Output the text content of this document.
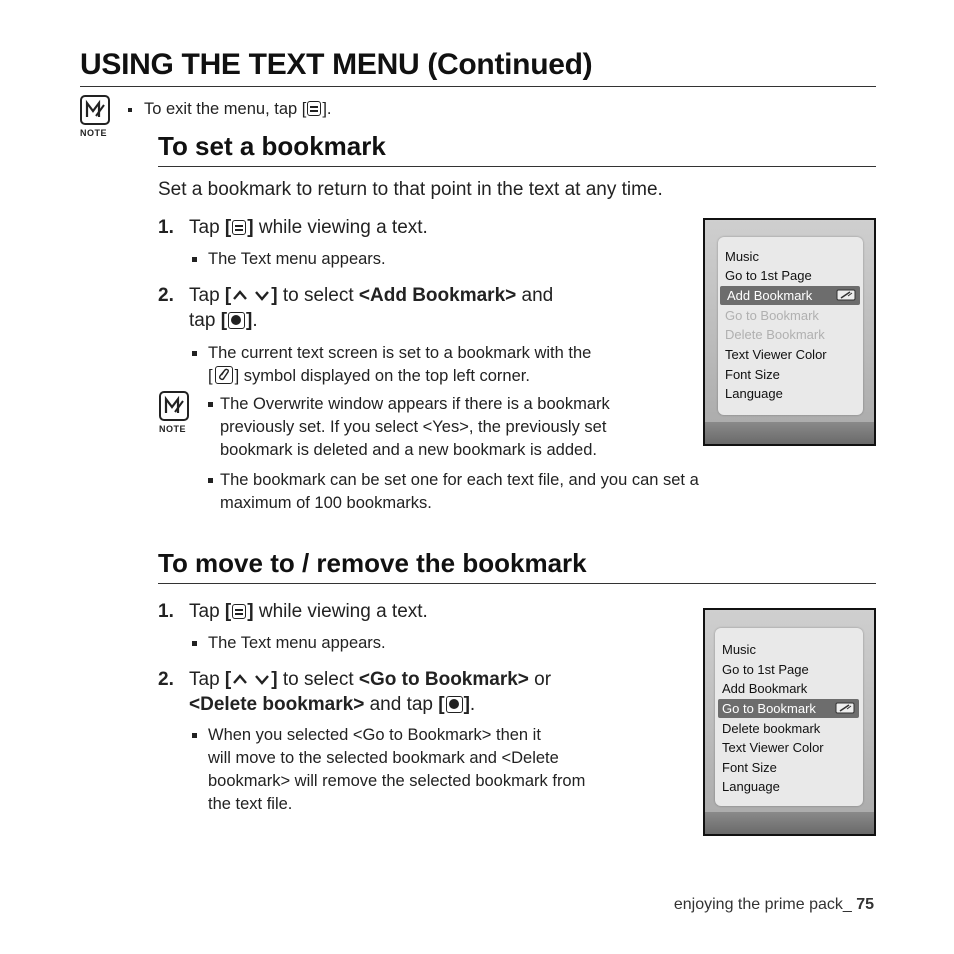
USING THE TEXT MENU (Continued)
NOTE
To exit the menu, tap [ ].
To set a bookmark
Set a bookmark to return to that point in the text at any time.
1. Tap [ ] while viewing a text.
The Text menu appears.
2. Tap [ ] to select <Add Bookmark> and
tap [ ].
The current text screen is set to a bookmark with the
[ ] symbol displayed on the top left corner.
NOTE
The Overwrite window appears if there is a bookmark
previously set. If you select <Yes>, the previously set
bookmark is deleted and a new bookmark is added.
The bookmark can be set one for each text file, and you can set a
maximum of 100 bookmarks.
Music
Go to 1st Page
Add Bookmark
Go to Bookmark
Delete Bookmark
Text Viewer Color
Font Size
Language
To move to / remove the bookmark
1. Tap [ ] while viewing a text.
The Text menu appears.
2. Tap [ ] to select <Go to Bookmark> or
<Delete bookmark> and tap [ ].
When you selected <Go to Bookmark> then it
will move to the selected bookmark and <Delete
bookmark> will remove the selected bookmark from
the text file.
Music
Go to 1st Page
Add Bookmark
Go to Bookmark
Delete bookmark
Text Viewer Color
Font Size
Language
enjoying the prime pack_ 75
